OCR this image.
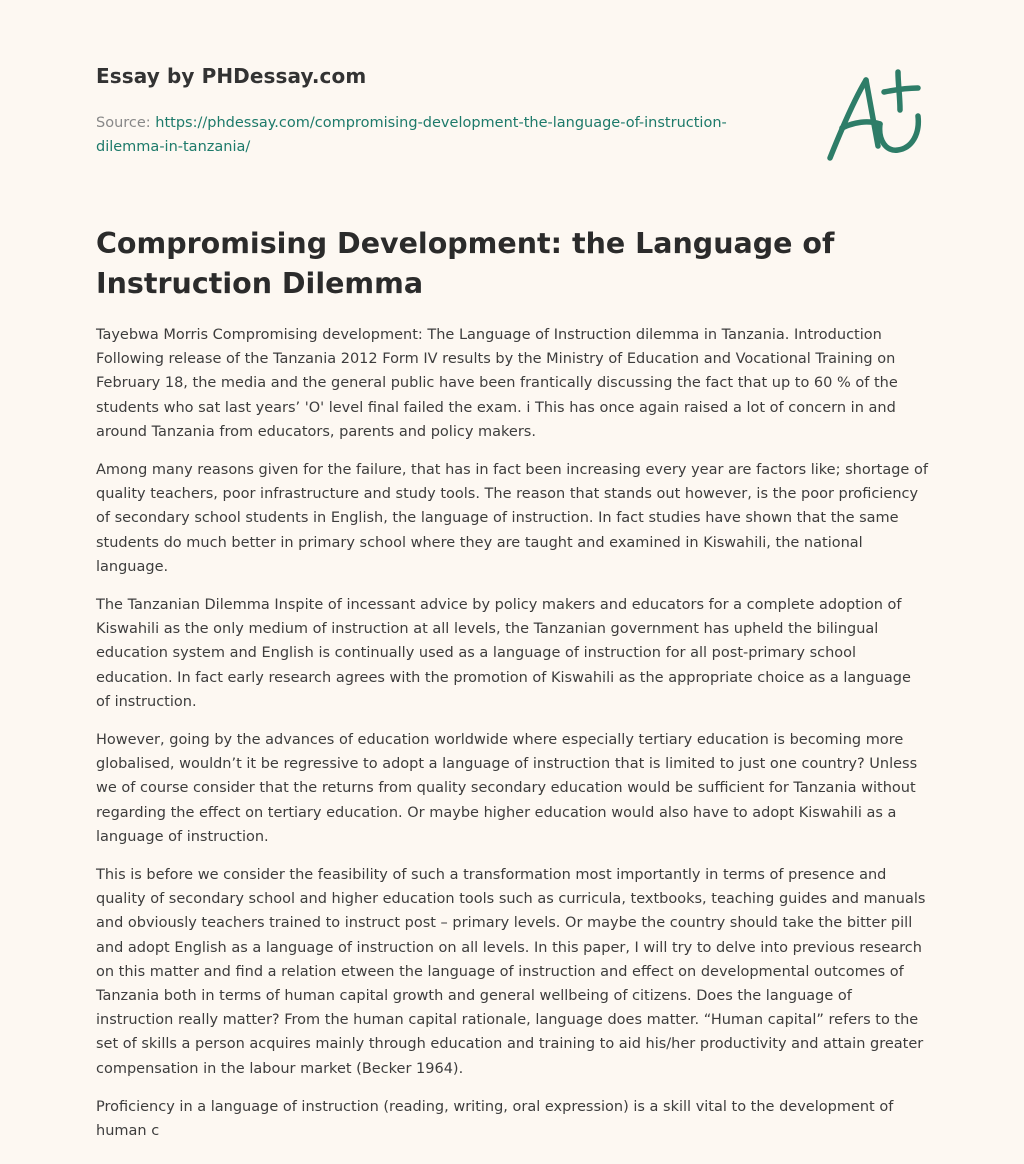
Essay by PHDessay.com

Source: https://phdessay.com/compromising-development-the-language-of-instruction-dilemma-in-tanzania/

Compromising Development: the Language of Instruction Dilemma

Tayebwa Morris Compromising development: The Language of Instruction dilemma in Tanzania. Introduction Following release of the Tanzania 2012 Form IV results by the Ministry of Education and Vocational Training on February 18, the media and the general public have been frantically discussing the fact that up to 60 % of the students who sat last years’ 'O' level final failed the exam. i This has once again raised a lot of concern in and around Tanzania from educators, parents and policy makers.

Among many reasons given for the failure, that has in fact been increasing every year are factors like; shortage of quality teachers, poor infrastructure and study tools. The reason that stands out however, is the poor proficiency of secondary school students in English, the language of instruction. In fact studies have shown that the same students do much better in primary school where they are taught and examined in Kiswahili, the national language.

The Tanzanian Dilemma Inspite of incessant advice by policy makers and educators for a complete adoption of Kiswahili as the only medium of instruction at all levels, the Tanzanian government has upheld the bilingual education system and English is continually used as a language of instruction for all post-primary school education. In fact early research agrees with the promotion of Kiswahili as the appropriate choice as a language of instruction.

However, going by the advances of education worldwide where especially tertiary education is becoming more globalised, wouldn’t it be regressive to adopt a language of instruction that is limited to just one country? Unless we of course consider that the returns from quality secondary education would be sufficient for Tanzania without regarding the effect on tertiary education. Or maybe higher education would also have to adopt Kiswahili as a language of instruction.

This is before we consider the feasibility of such a transformation most importantly in terms of presence and quality of secondary school and higher education tools such as curricula, textbooks, teaching guides and manuals and obviously teachers trained to instruct post – primary levels. Or maybe the country should take the bitter pill and adopt English as a language of instruction on all levels. In this paper, I will try to delve into previous research on this matter and find a relation etween the language of instruction and effect on developmental outcomes of Tanzania both in terms of human capital growth and general wellbeing of citizens. Does the language of instruction really matter? From the human capital rationale, language does matter. “Human capital” refers to the set of skills a person acquires mainly through education and training to aid his/her productivity and attain greater compensation in the labour market (Becker 1964).

Proficiency in a language of instruction (reading, writing, oral expression) is a skill vital to the development of human c
